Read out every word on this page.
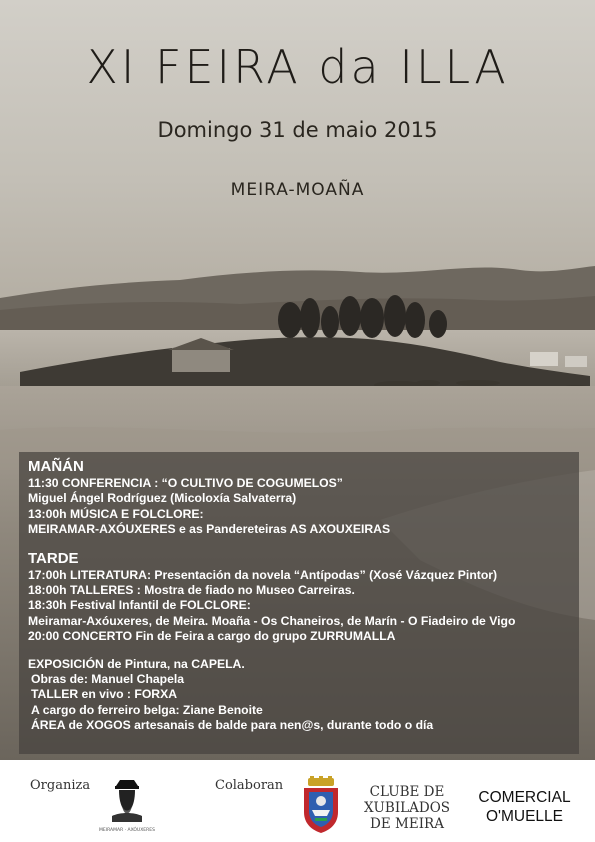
XI FEIRA da ILLA
Domingo 31 de maio 2015
MEIRA-MOAÑA
MAÑÁN
11:30 CONFERENCIA : “O CULTIVO DE COGUMELOS”
Miguel Ángel Rodríguez (Micoloxía Salvaterra)
13:00h MÚSICA E FOLCLORE:
MEIRAMAR-AXÓUXERES e as Pandereteiras AS AXOUXEIRAS
TARDE
17:00h LITERATURA: Presentación da novela “Antípodas” (Xosé Vázquez Pintor)
18:00h TALLERES : Mostra de fiado no Museo Carreiras.
18:30h Festival Infantil de FOLCLORE:
Meiramar-Axóuxeres, de Meira. Moaña - Os Chaneiros, de Marín - O Fiadeiro de Vigo
20:00 CONCERTO Fin de Feira a cargo do grupo ZURRUMALLA
EXPOSICIÓN de Pintura, na CAPELA.
Obras de: Manuel Chapela
TALLER en vivo : FORXA
A cargo do ferreiro belga: Ziane Benoite
ÁREA de XOGOS artesanais de balde para nen@s, durante todo o día
Organiza
MEIRAMAR · AXÓUXERES
Colaboran	CLUBE DE
XUBILADOS
DE MEIRA
COMERCIAL
O'MUELLE
